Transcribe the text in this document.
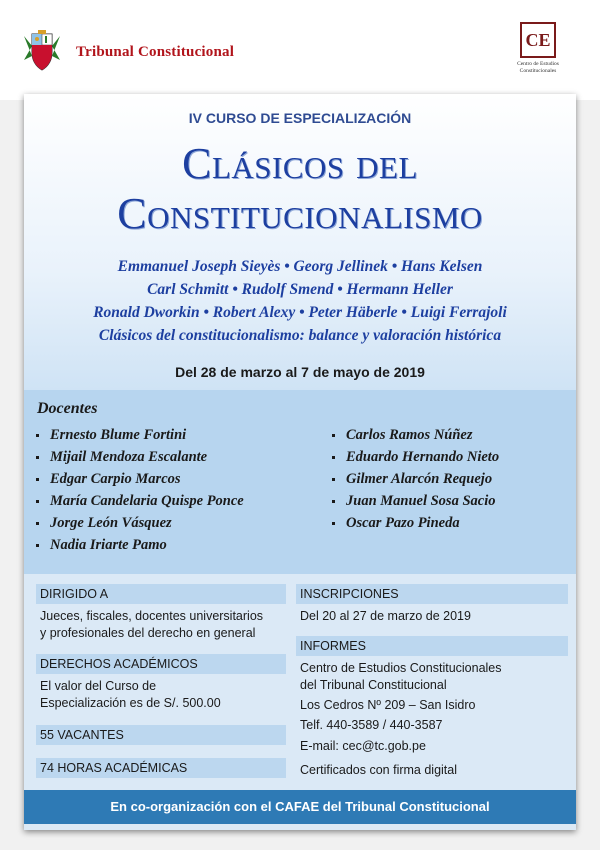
Tribunal Constitucional
CE
Centro de Estudios
Constitucionales
IV CURSO DE ESPECIALIZACIÓN
Clásicos del
Constitucionalismo
Emmanuel Joseph Sieyès • Georg Jellinek • Hans Kelsen
Carl Schmitt • Rudolf Smend • Hermann Heller
Ronald Dworkin • Robert Alexy • Peter Häberle • Luigi Ferrajoli
Clásicos del constitucionalismo: balance y valoración histórica
Del 28 de marzo al 7 de mayo de 2019
Docentes
Ernesto Blume Fortini
Mijail Mendoza Escalante
Edgar Carpio Marcos
María Candelaria Quispe Ponce
Jorge León Vásquez
Nadia Iriarte Pamo
Carlos Ramos Núñez
Eduardo Hernando Nieto
Gilmer Alarcón Requejo
Juan Manuel Sosa Sacio
Oscar Pazo Pineda
DIRIGIDO A
Jueces, fiscales, docentes universitarios
y profesionales del derecho en general
DERECHOS ACADÉMICOS
El valor del Curso de
Especialización es de S/. 500.00
55 VACANTES
74 HORAS ACADÉMICAS
INSCRIPCIONES
Del 20 al 27 de marzo de 2019
INFORMES
Centro de Estudios Constitucionales
del Tribunal Constitucional
Los Cedros Nº 209 – San Isidro
Telf. 440-3589 / 440-3587
E-mail: cec@tc.gob.pe
Certificados con firma digital
En co-organización con el CAFAE del Tribunal Constitucional
